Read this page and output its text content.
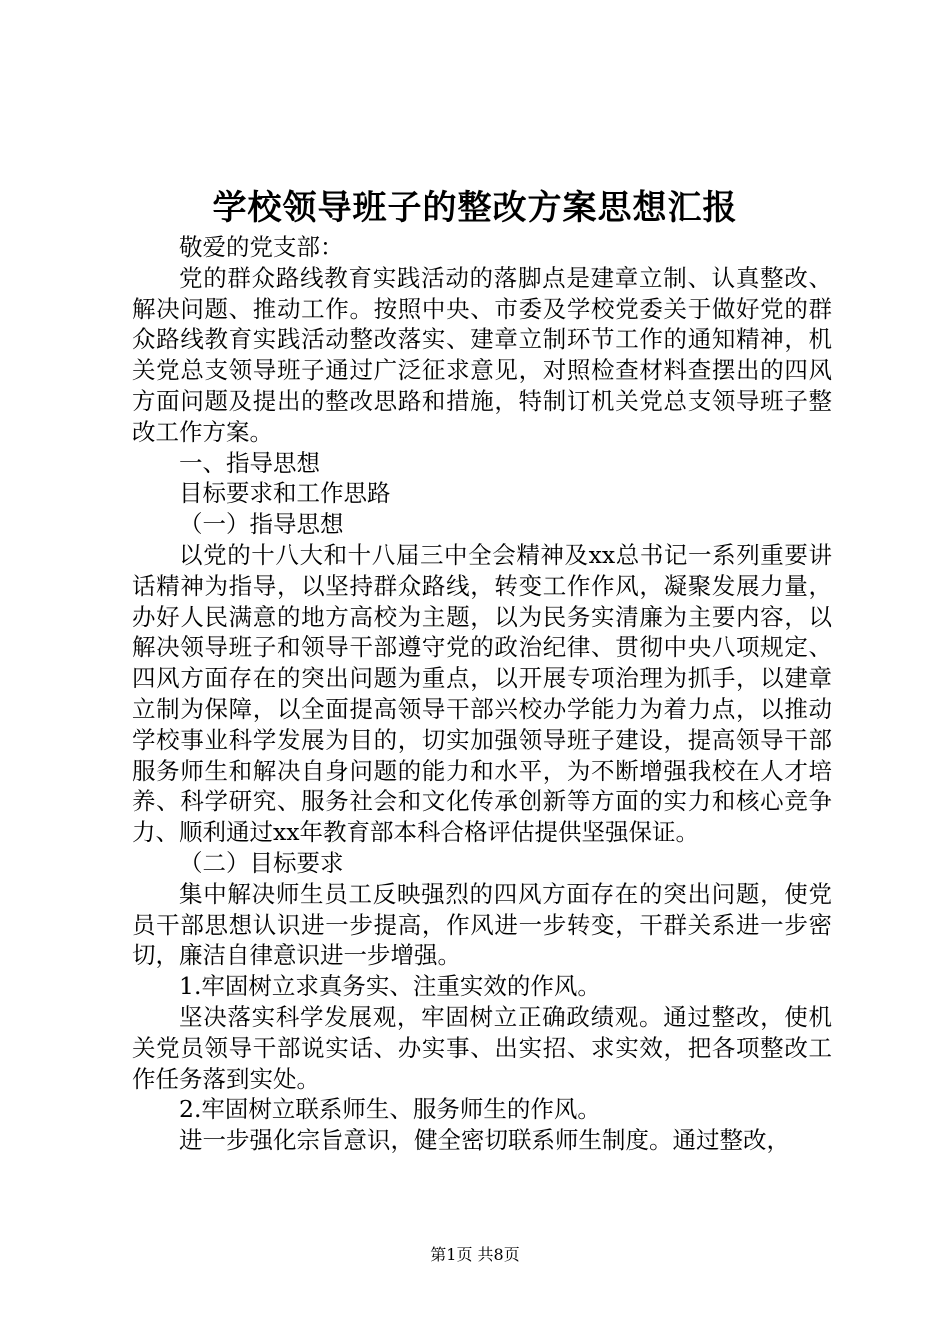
学校领导班子的整改方案思想汇报

敬爱的党支部：

党的群众路线教育实践活动的落脚点是建章立制、认真整改、解决问题、推动工作。按照中央、市委及学校党委关于做好党的群众路线教育实践活动整改落实、建章立制环节工作的通知精神，机关党总支领导班子通过广泛征求意见，对照检查材料查摆出的四风方面问题及提出的整改思路和措施，特制订机关党总支领导班子整改工作方案。

一、指导思想

目标要求和工作思路

（一）指导思想

以党的十八大和十八届三中全会精神及xx总书记一系列重要讲话精神为指导，以坚持群众路线，转变工作作风，凝聚发展力量，办好人民满意的地方高校为主题，以为民务实清廉为主要内容，以解决领导班子和领导干部遵守党的政治纪律、贯彻中央八项规定、四风方面存在的突出问题为重点，以开展专项治理为抓手，以建章立制为保障，以全面提高领导干部兴校办学能力为着力点，以推动学校事业科学发展为目的，切实加强领导班子建设，提高领导干部服务师生和解决自身问题的能力和水平，为不断增强我校在人才培养、科学研究、服务社会和文化传承创新等方面的实力和核心竞争力、顺利通过xx年教育部本科合格评估提供坚强保证。

（二）目标要求

集中解决师生员工反映强烈的四风方面存在的突出问题，使党员干部思想认识进一步提高，作风进一步转变，干群关系进一步密切，廉洁自律意识进一步增强。

1.牢固树立求真务实、注重实效的作风。

坚决落实科学发展观，牢固树立正确政绩观。通过整改，使机关党员领导干部说实话、办实事、出实招、求实效，把各项整改工作任务落到实处。

2.牢固树立联系师生、服务师生的作风。

进一步强化宗旨意识，健全密切联系师生制度。通过整改，

第1页 共8页
